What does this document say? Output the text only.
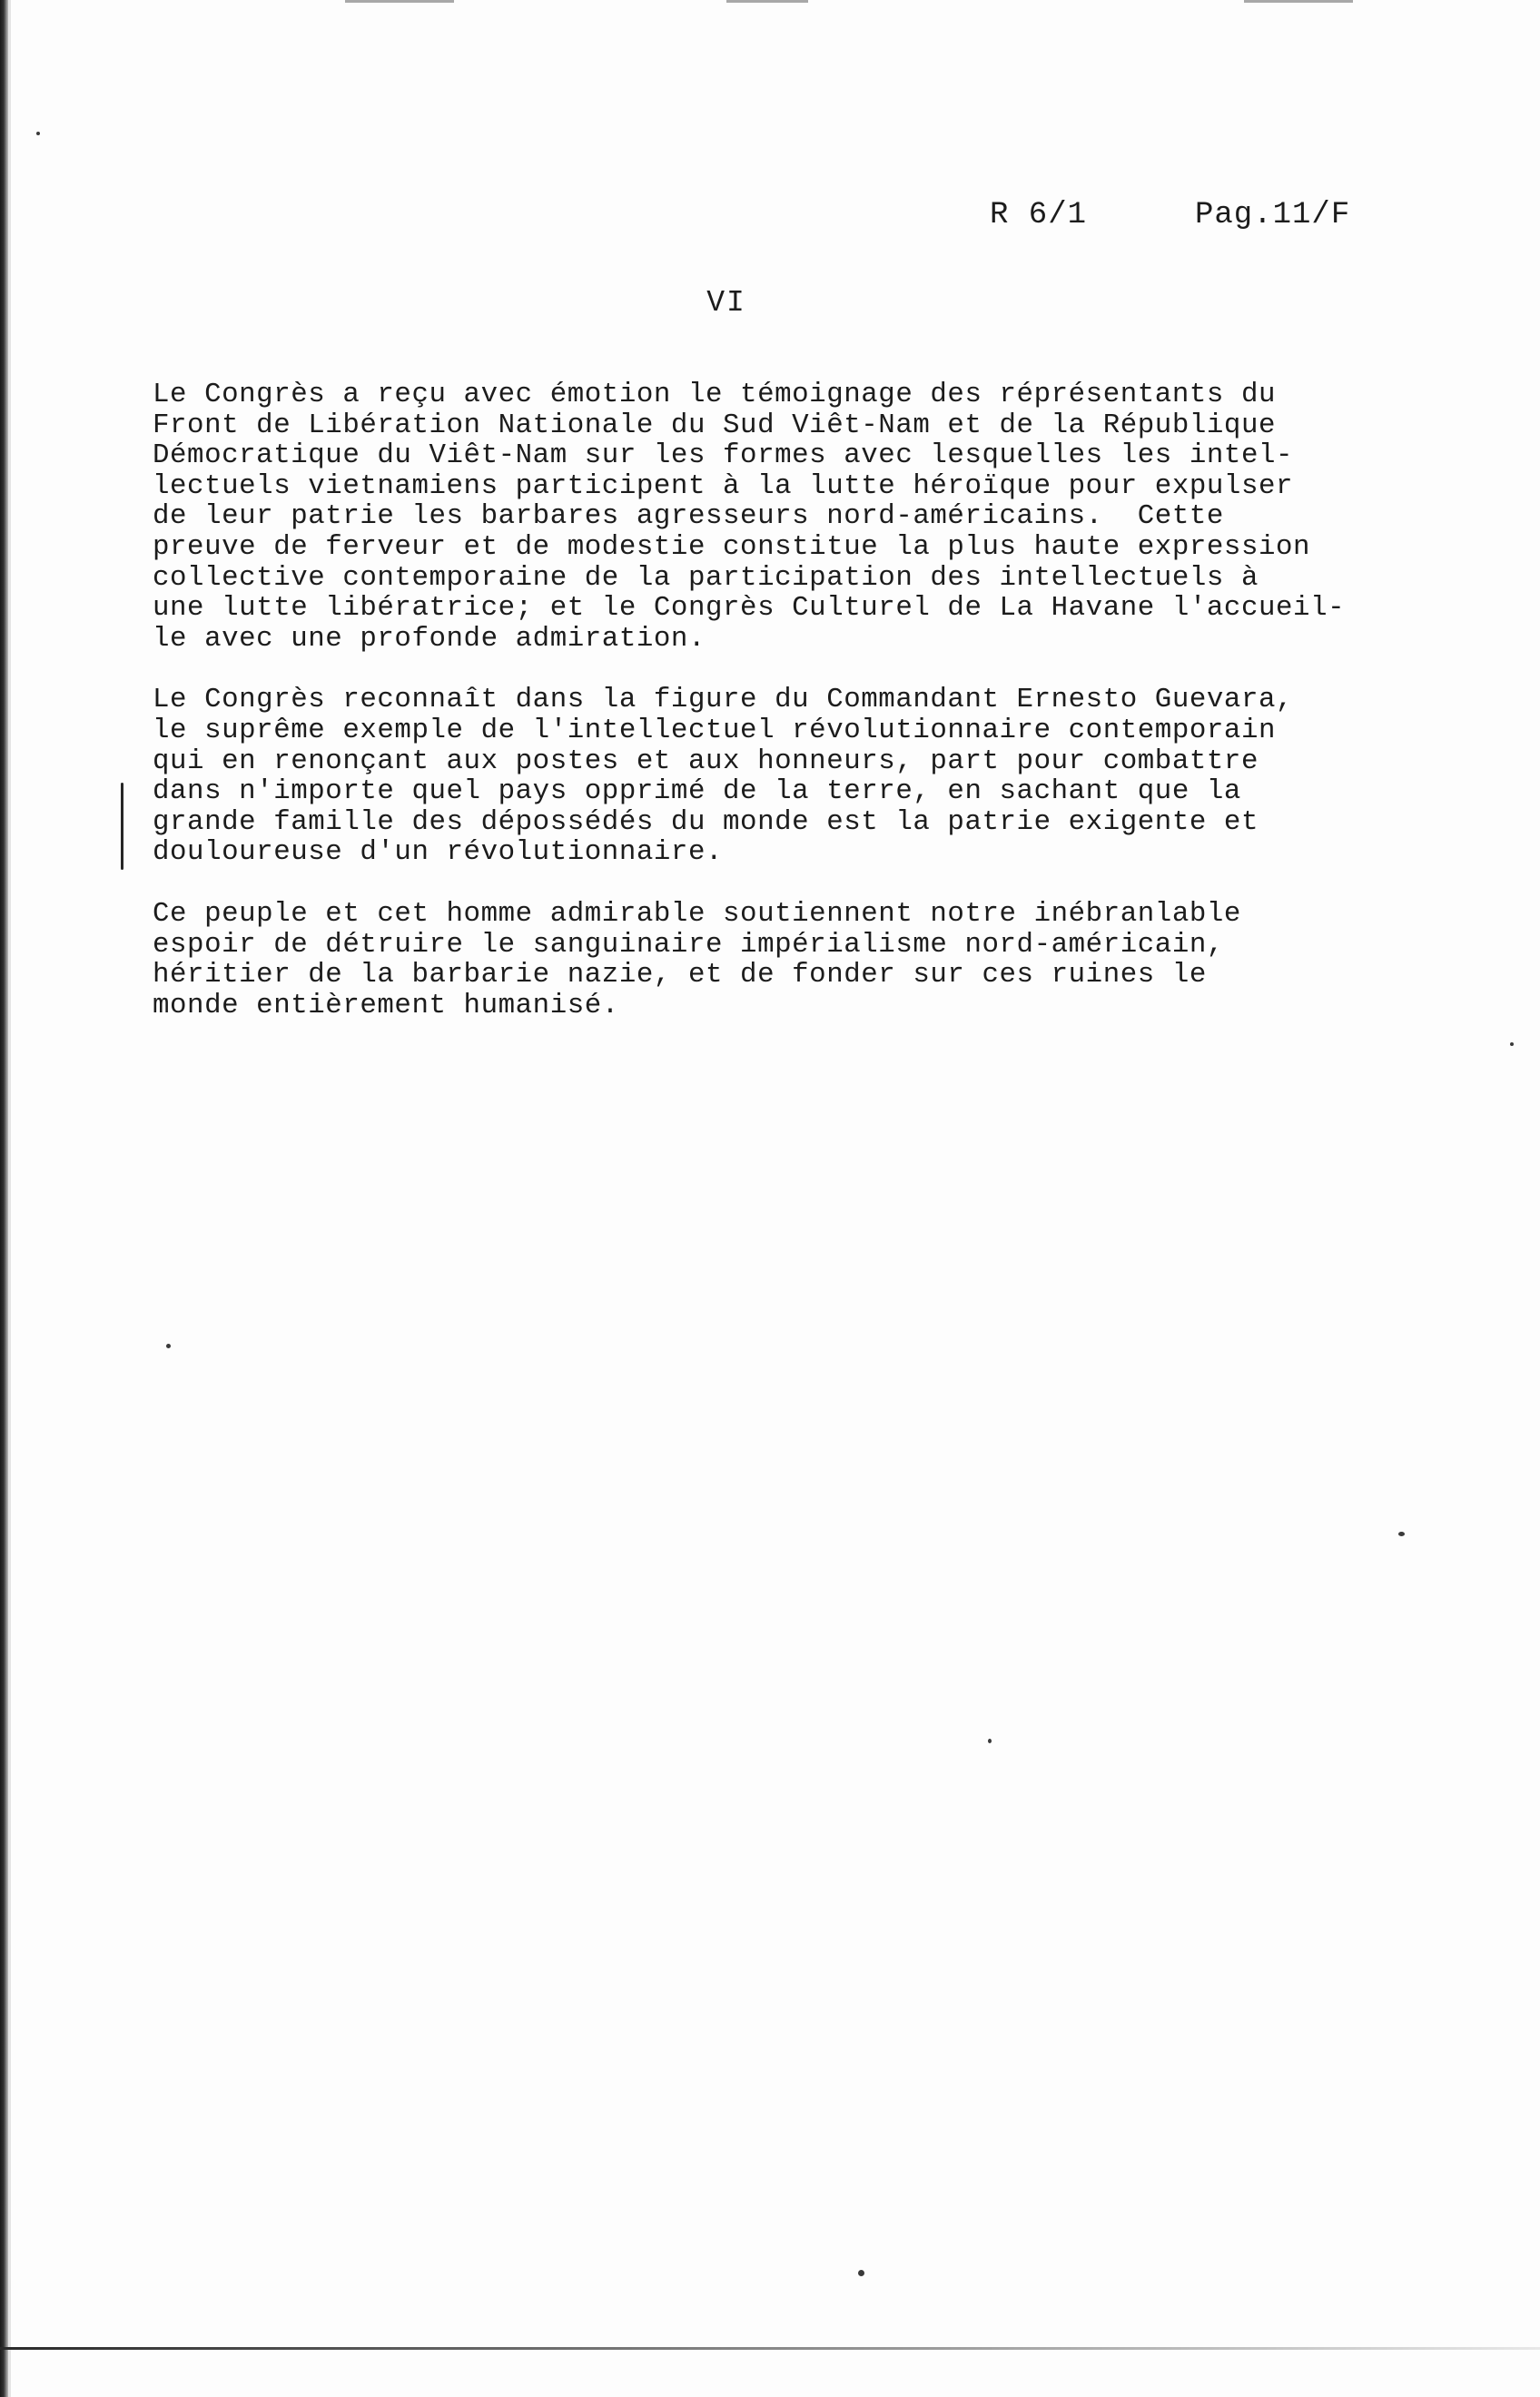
R 6/1	Pag.11/F
VI
Le Congrès a reçu avec émotion le témoignage des réprésentants du
Front de Libération Nationale du Sud Viêt-Nam et de la République
Démocratique du Viêt-Nam sur les formes avec lesquelles les intel-
lectuels vietnamiens participent à la lutte héroïque pour expulser
de leur patrie les barbares agresseurs nord-américains.  Cette
preuve de ferveur et de modestie constitue la plus haute expression
collective contemporaine de la participation des intellectuels à
une lutte libératrice; et le Congrès Culturel de La Havane l'accueil-
le avec une profonde admiration.
Le Congrès reconnaît dans la figure du Commandant Ernesto Guevara,
le suprême exemple de l'intellectuel révolutionnaire contemporain
qui en renonçant aux postes et aux honneurs, part pour combattre
dans n'importe quel pays opprimé de la terre, en sachant que la
grande famille des dépossédés du monde est la patrie exigente et
douloureuse d'un révolutionnaire.
Ce peuple et cet homme admirable soutiennent notre inébranlable
espoir de détruire le sanguinaire impérialisme nord-américain,
héritier de la barbarie nazie, et de fonder sur ces ruines le
monde entièrement humanisé.
